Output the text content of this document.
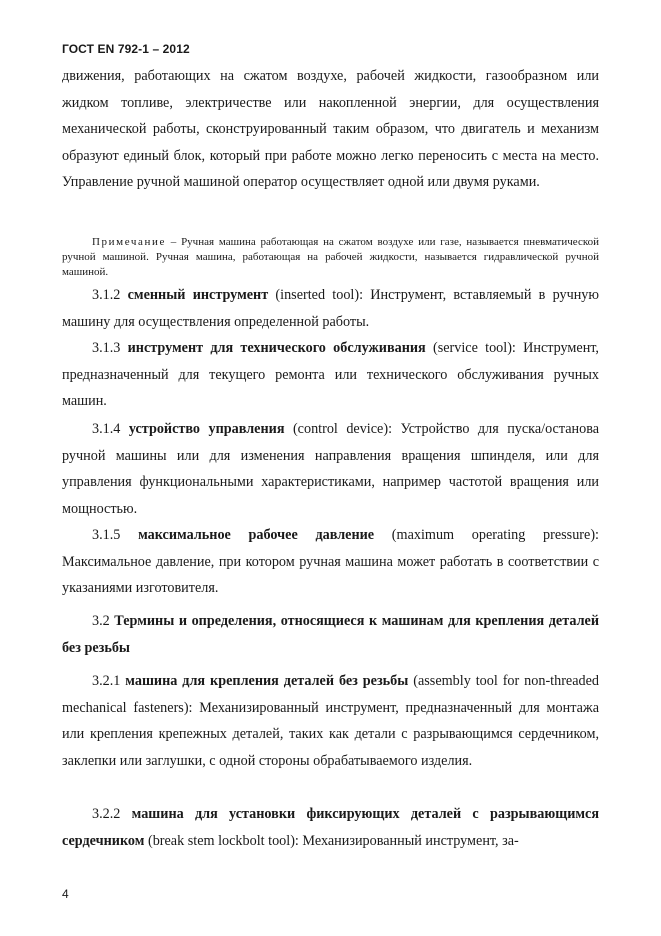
ГОСТ EN 792-1 – 2012
движения, работающих на сжатом воздухе, рабочей жидкости, газообразном или жидком топливе, электричестве или накопленной энергии, для осуществления механической работы, сконструированный таким образом, что двигатель и механизм образуют единый блок, который при работе можно легко переносить с места на место. Управление ручной машиной оператор осуществляет одной или двумя руками.
Примечание – Ручная машина работающая на сжатом воздухе или газе, называется пневматической ручной машиной. Ручная машина, работающая на рабочей жидкости, называется гидравлической ручной машиной.
3.1.2 сменный инструмент (inserted tool): Инструмент, вставляемый в ручную машину для осуществления определенной работы.
3.1.3 инструмент для технического обслуживания (service tool): Инструмент, предназначенный для текущего ремонта или технического обслуживания ручных машин.
3.1.4 устройство управления (control device): Устройство для пуска/останова ручной машины или для изменения направления вращения шпинделя, или для управления функциональными характеристиками, например частотой вращения или мощностью.
3.1.5 максимальное рабочее давление (maximum operating pressure): Максимальное давление, при котором ручная машина может работать в соответствии с указаниями изготовителя.
3.2 Термины и определения, относящиеся к машинам для крепления деталей без резьбы
3.2.1 машина для крепления деталей без резьбы (assembly tool for non-threaded mechanical fasteners): Механизированный инструмент, предназначенный для монтажа или крепления крепежных деталей, таких как детали с разрывающимся сердечником, заклепки или заглушки, с одной стороны обрабатываемого изделия.
3.2.2 машина для установки фиксирующих деталей с разрывающимся сердечником (break stem lockbolt tool): Механизированный инструмент, за-
4
